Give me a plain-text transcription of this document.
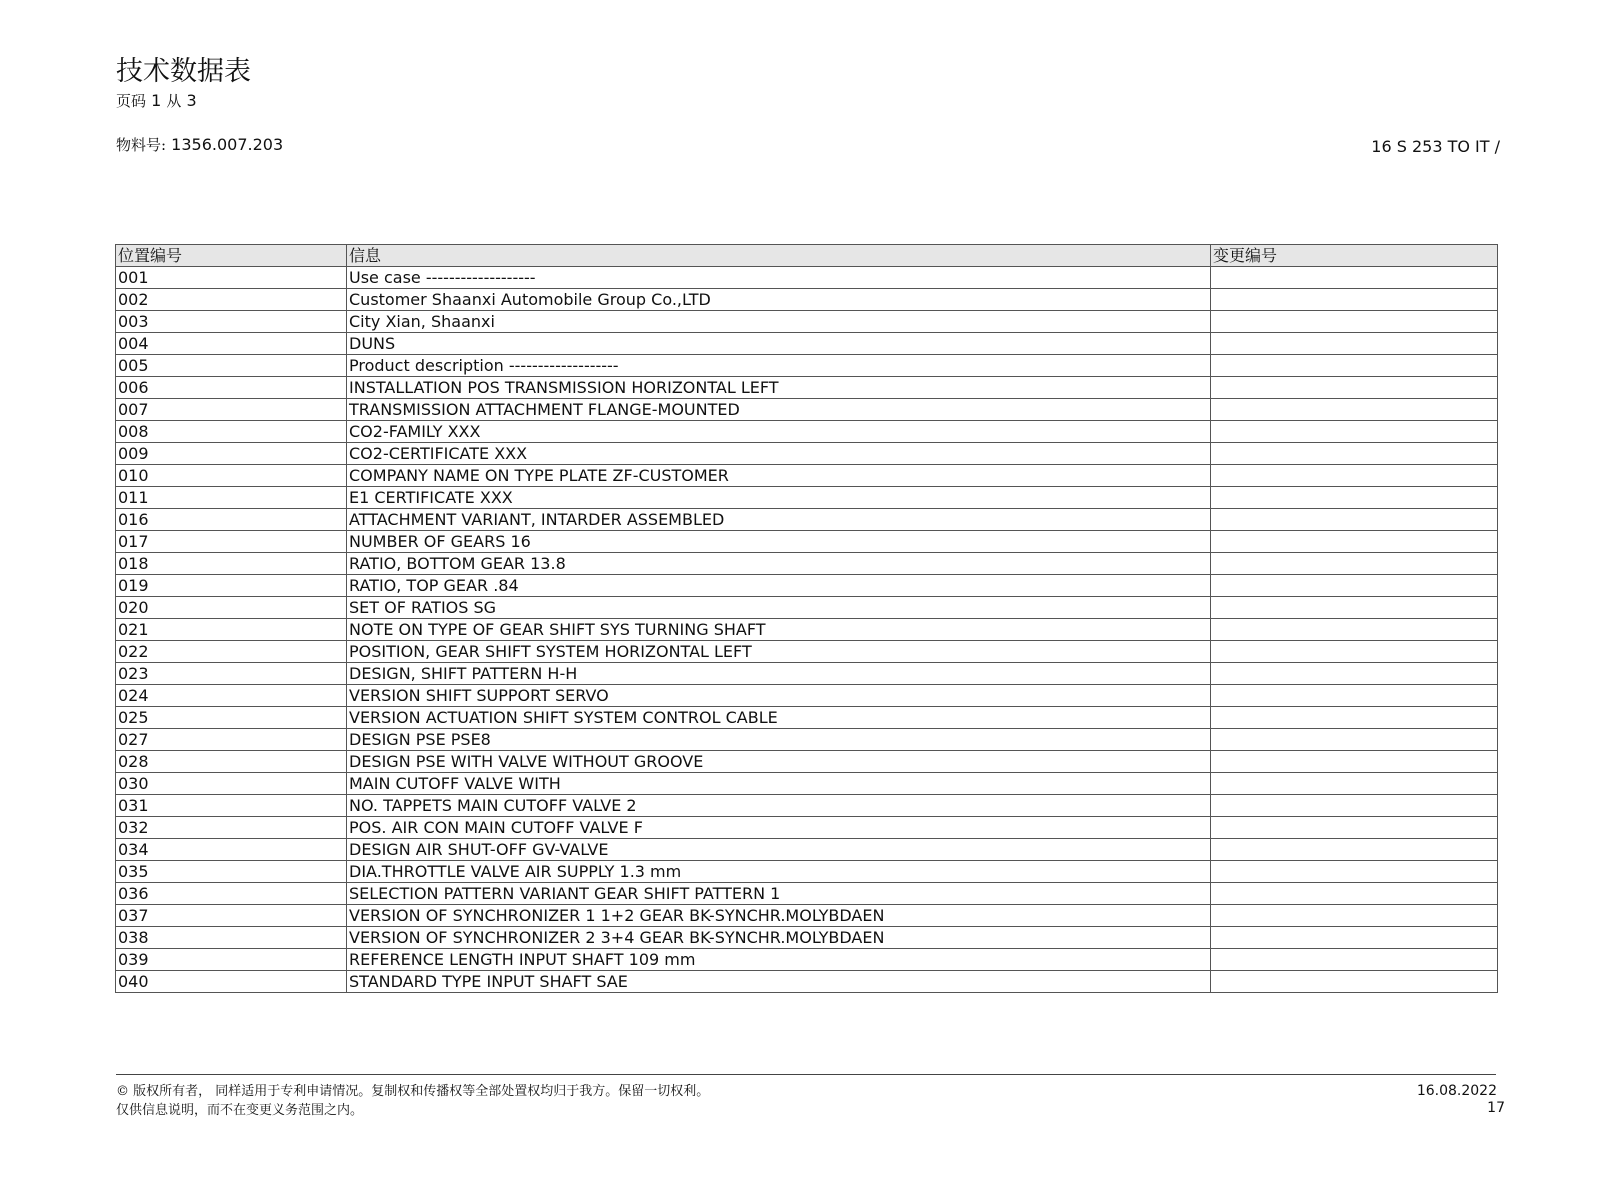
技术数据表
页码 1 从 3
物料号: 1356.007.203	16 S 253 TO IT /
位置编号	信息	变更编号
001	Use case -------------------	
002	Customer Shaanxi Automobile Group Co.,LTD	
003	City Xian, Shaanxi	
004	DUNS	
005	Product description -------------------	
006	INSTALLATION POS TRANSMISSION HORIZONTAL LEFT	
007	TRANSMISSION ATTACHMENT FLANGE-MOUNTED	
008	CO2-FAMILY XXX	
009	CO2-CERTIFICATE XXX	
010	COMPANY NAME ON TYPE PLATE ZF-CUSTOMER	
011	E1 CERTIFICATE XXX	
016	ATTACHMENT VARIANT, INTARDER ASSEMBLED	
017	NUMBER OF GEARS 16	
018	RATIO, BOTTOM GEAR 13.8	
019	RATIO, TOP GEAR .84	
020	SET OF RATIOS SG	
021	NOTE ON TYPE OF GEAR SHIFT SYS TURNING SHAFT	
022	POSITION, GEAR SHIFT SYSTEM HORIZONTAL LEFT	
023	DESIGN, SHIFT PATTERN H-H	
024	VERSION SHIFT SUPPORT SERVO	
025	VERSION ACTUATION SHIFT SYSTEM CONTROL CABLE	
027	DESIGN PSE PSE8	
028	DESIGN PSE WITH VALVE WITHOUT GROOVE	
030	MAIN CUTOFF VALVE WITH	
031	NO. TAPPETS MAIN CUTOFF VALVE 2	
032	POS. AIR CON MAIN CUTOFF VALVE F	
034	DESIGN AIR SHUT-OFF GV-VALVE	
035	DIA.THROTTLE VALVE AIR SUPPLY 1.3 mm	
036	SELECTION PATTERN VARIANT GEAR SHIFT PATTERN 1	
037	VERSION OF SYNCHRONIZER 1 1+2 GEAR BK-SYNCHR.MOLYBDAEN	
038	VERSION OF SYNCHRONIZER 2 3+4 GEAR BK-SYNCHR.MOLYBDAEN	
039	REFERENCE LENGTH INPUT SHAFT 109 mm	
040	STANDARD TYPE INPUT SHAFT SAE	
© 版权所有者， 同样适用于专利申请情况。复制权和传播权等全部处置权均归于我方。保留一切权利。
仅供信息说明，而不在变更义务范围之内。
16.08.2022
17
